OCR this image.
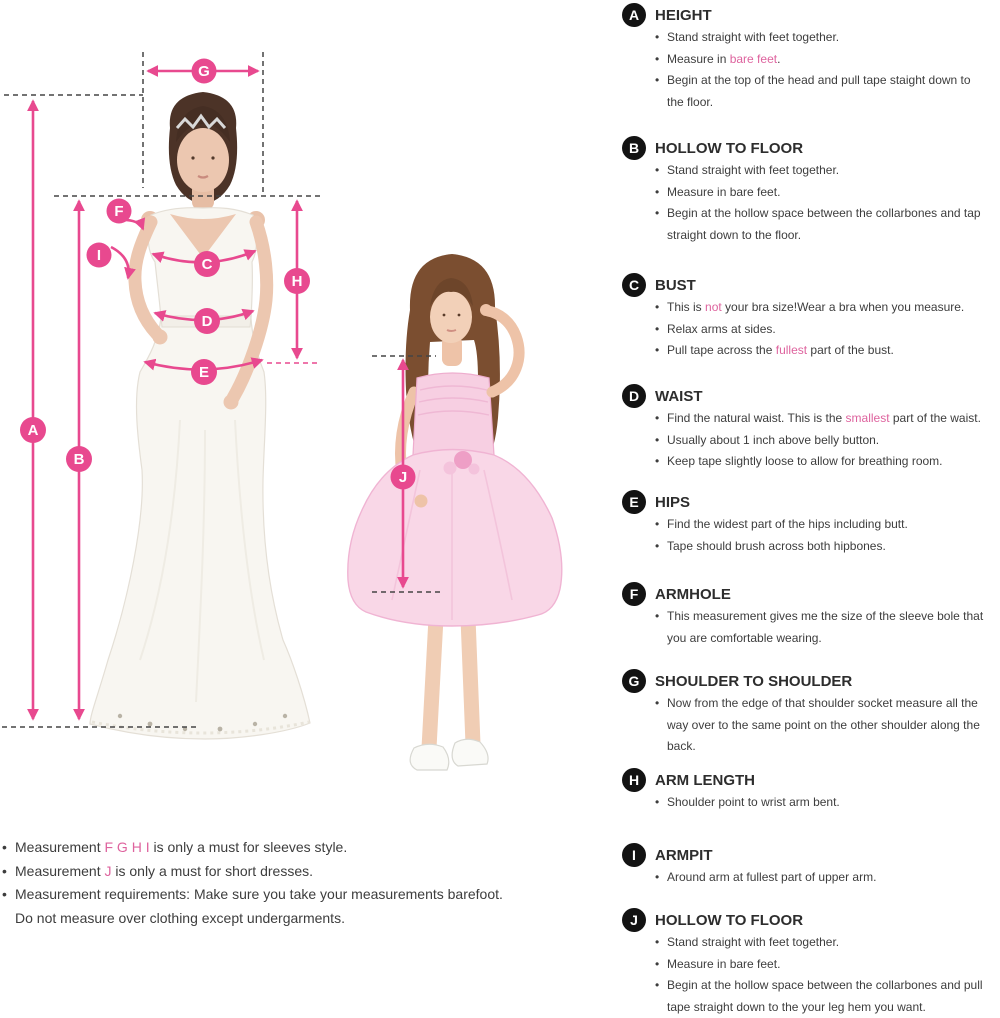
G
F
I
C
H
D
E
A
B
J
A HEIGHT
• Stand straight with feet together.
• Measure in bare feet.
• Begin at the top of the head and pull tape staight down to
the floor.
B HOLLOW TO FLOOR
• Stand straight with feet together.
• Measure in bare feet.
• Begin at the hollow space between the collarbones and tap
straight down to the floor.
C BUST
• This is not your bra size!Wear a bra when you measure.
• Relax arms at sides.
• Pull tape across the fullest part of the bust.
D WAIST
• Find the natural waist. This is the smallest part of the waist.
• Usually about 1 inch above belly button.
• Keep tape slightly loose to allow for breathing room.
E HIPS
• Find the widest part of the hips including butt.
• Tape should brush across both hipbones.
F ARMHOLE
• This measurement gives me the size of the sleeve bole that
you are comfortable wearing.
G SHOULDER TO SHOULDER
• Now from the edge of that shoulder socket measure all the
way over to the same point on the other shoulder along the
back.
H ARM LENGTH
• Shoulder point to wrist arm bent.
I ARMPIT
• Around arm at fullest part of upper arm.
J HOLLOW TO FLOOR
• Stand straight with feet together.
• Measure in bare feet.
• Begin at the hollow space between the collarbones and pull
tape straight down to the your leg hem you want.
• Measurement F G H I is only a must for sleeves style.
• Measurement J is only a must for short dresses.
• Measurement requirements: Make sure you take your measurements barefoot.
Do not measure over clothing except undergarments.
